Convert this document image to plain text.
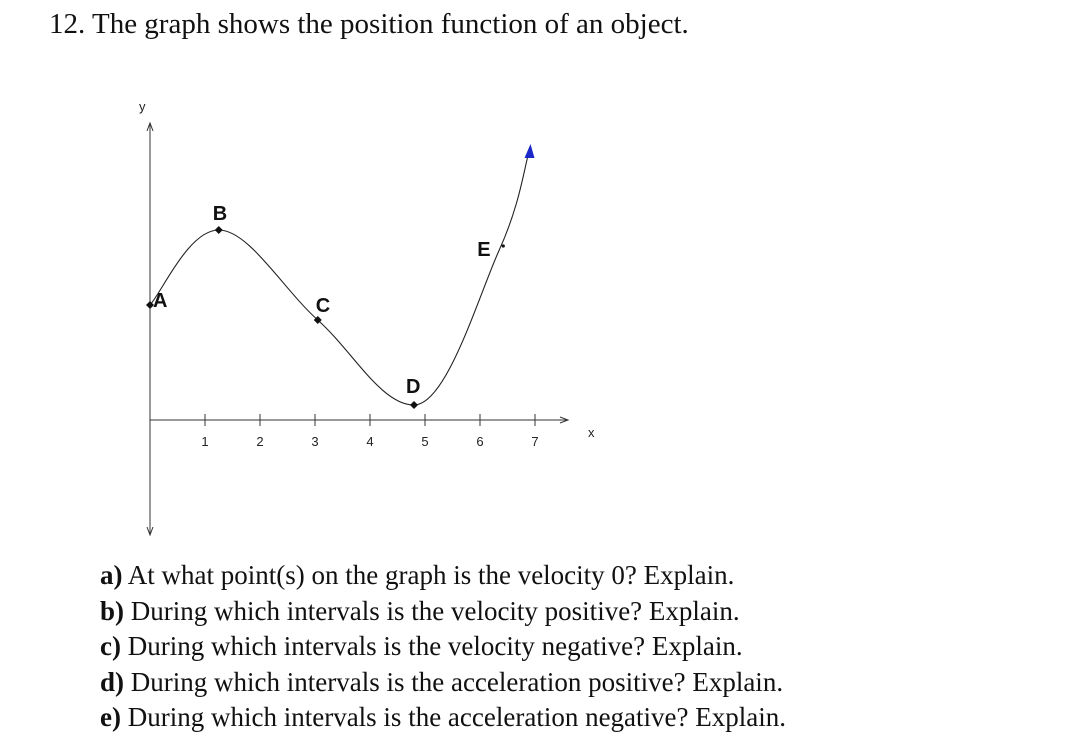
12. The graph shows the position function of an object.
1	2	3	4	5	6	7
A
B
C
D
E
y
x
a) At what point(s) on the graph is the velocity 0? Explain.
b) During which intervals is the velocity positive? Explain.
c) During which intervals is the velocity negative? Explain.
d) During which intervals is the acceleration positive? Explain.
e) During which intervals is the acceleration negative? Explain.
